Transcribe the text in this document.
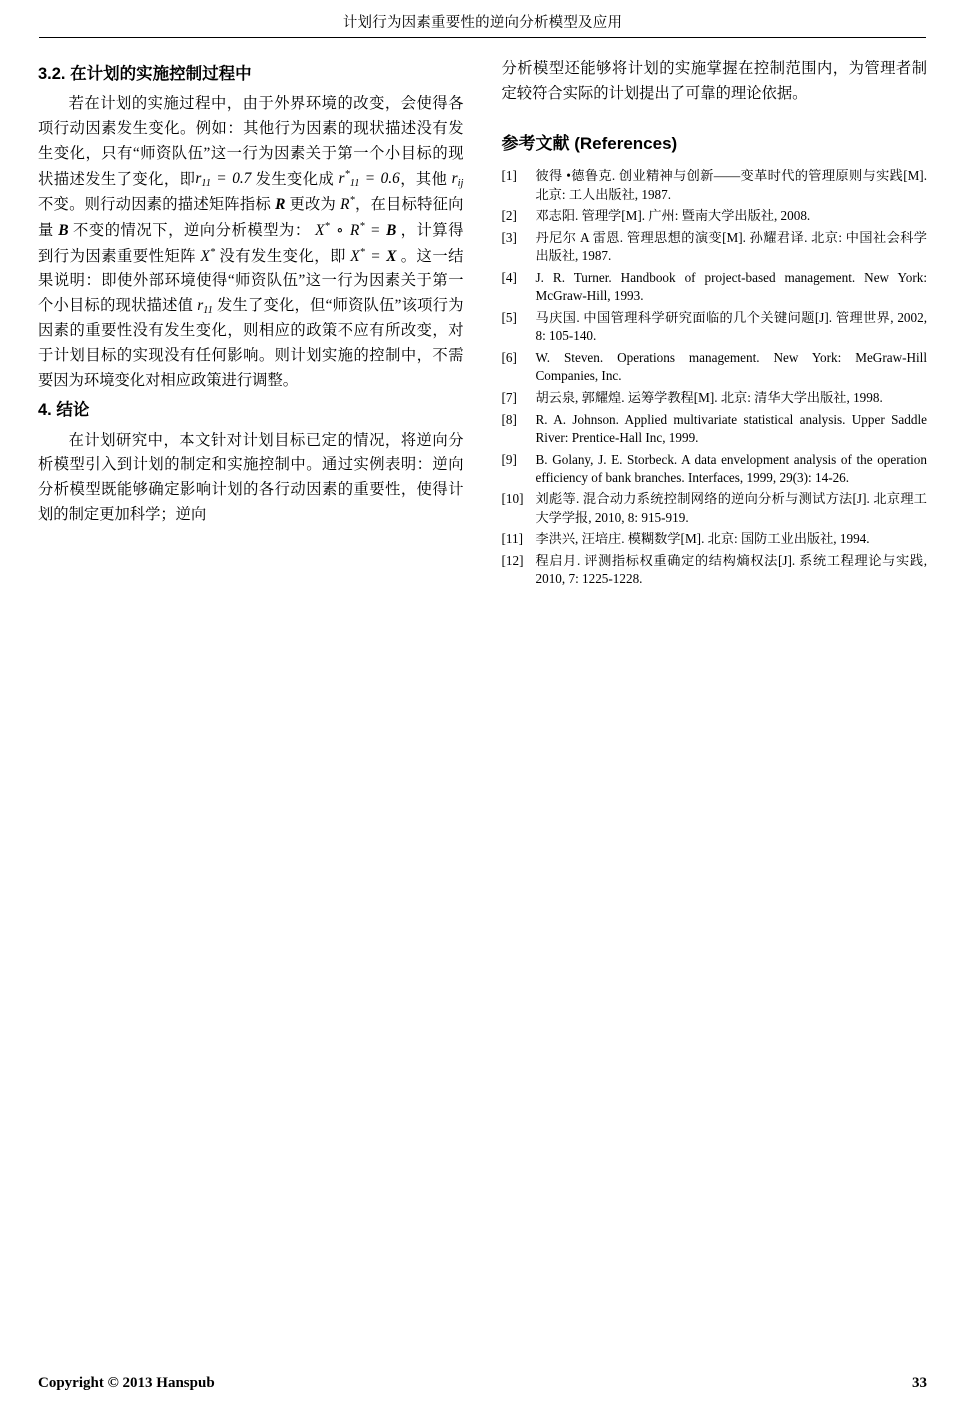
计划行为因素重要性的逆向分析模型及应用
3.2. 在计划的实施控制过程中

若在计划的实施过程中，由于外界环境的改变，会使得各项行动因素发生变化。例如：其他行为因素的现状描述没有发生变化，只有“师资队伍”这一行为因素关于第一个小目标的现状描述发生了变化，即$r_{11} = 0.7$ 发生变化成 $r^*_{11} = 0.6$，其他 $r_{ij}$ 不变。则行动因素的描述矩阵指标 R 更改为 R*，在目标特征向量 B 不变的情况下，逆向分析模型为： X* ∘ R* = B ，计算得到行为因素重要性矩阵 X* 没有发生变化，即 X* = X 。这一结果说明：即使外部环境使得“师资队伍”这一行为因素关于第一个小目标的现状描述值 $r_{11}$ 发生了变化，但“师资队伍”该项行为因素的重要性没有发生变化，则相应的政策不应有所改变，对于计划目标的实现没有任何影响。则计划实施的控制中，不需要因为环境变化对相应政策进行调整。

4. 结论

在计划研究中，本文针对计划目标已定的情况，将逆向分析模型引入到计划的制定和实施控制中。通过实例表明：逆向分析模型既能够确定影响计划的各行动因素的重要性，使得计划的制定更加科学；逆向

分析模型还能够将计划的实施掌握在控制范围内，为管理者制定较符合实际的计划提出了可靠的理论依据。

参考文献 (References)
[1]	彼得 •德鲁克. 创业精神与创新——变革时代的管理原则与实践[M]. 北京: 工人出版社, 1987.
[2]	邓志阳. 管理学[M]. 广州: 暨南大学出版社, 2008.
[3]	丹尼尔 A 雷恩. 管理思想的演变[M]. 孙耀君译. 北京: 中国社会科学出版社, 1987.
[4]	J. R. Turner. Handbook of project-based management. New York: McGraw-Hill, 1993.
[5]	马庆国. 中国管理科学研究面临的几个关键问题[J]. 管理世界, 2002, 8: 105-140.
[6]	W. Steven. Operations management. New York: MeGraw-Hill Companies, Inc.
[7]	胡云泉, 郭耀煌. 运筹学教程[M]. 北京: 清华大学出版社, 1998.
[8]	R. A. Johnson. Applied multivariate statistical analysis. Upper Saddle River: Prentice-Hall Inc, 1999.
[9]	B. Golany, J. E. Storbeck. A data envelopment analysis of the operation efficiency of bank branches. Interfaces, 1999, 29(3): 14-26.
[10] 刘彪等. 混合动力系统控制网络的逆向分析与测试方法[J]. 北京理工大学学报, 2010, 8: 915-919.
[11] 李洪兴, 汪培庄. 模糊数学[M]. 北京: 国防工业出版社, 1994.
[12] 程启月. 评测指标权重确定的结构熵权法[J]. 系统工程理论与实践, 2010, 7: 1225-1228.
Copyright © 2013 Hanspub	33
